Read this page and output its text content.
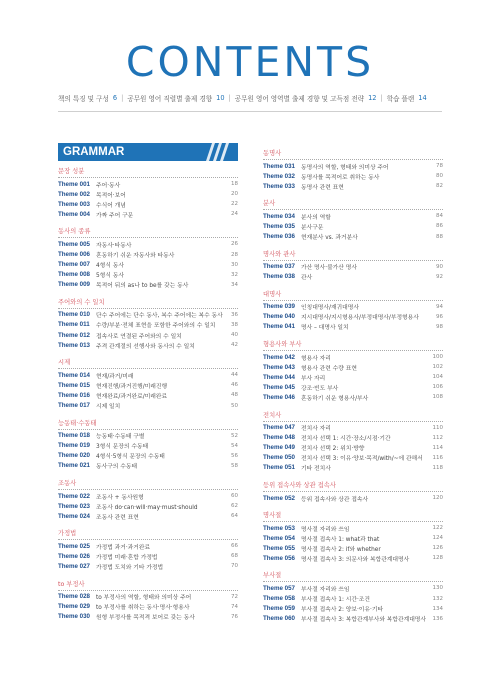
CONTENTS
책의 특징 및 구성 6 | 공무원 영어 직렬별 출제 경향 10 | 공무원 영어 영역별 출제 경향 및 고득점 전략 12 | 학습 플랜 14
GRAMMAR
문장 성분
Theme 001	주어·동사	18
Theme 002	목적어·보어	20
Theme 003	수식어 개념	22
Theme 004	가짜 주어 구문	24
동사의 종류
Theme 005	자동사·타동사	26
Theme 006	혼동하기 쉬운 자동사와 타동사	28
Theme 007	4형식 동사	30
Theme 008	5형식 동사	32
Theme 009	목적어 뒤의 as나 to be를 갖는 동사	34
주어와의 수 일치
Theme 010	단수 주어에는 단수 동사, 복수 주어에는 복수 동사	36
Theme 011	수량/부분·전체 표현을 포함한 주어와의 수 일치	38
Theme 012	접속사로 연결된 주어와의 수 일치	40
Theme 013	주격 관계절의 선행사와 동사의 수 일치	42
시제
Theme 014	현재/과거/미래	44
Theme 015	현재진행/과거진행/미래진행	46
Theme 016	현재완료/과거완료/미래완료	48
Theme 017	시제 일치	50
능동태·수동태
Theme 018	능동태·수동태 구별	52
Theme 019	3형식 문장의 수동태	54
Theme 020	4형식·5형식 문장의 수동태	56
Theme 021	동사구의 수동태	58
조동사
Theme 022	조동사 + 동사원형	60
Theme 023	조동사 do·can·will·may·must·should	62
Theme 024	조동사 관련 표현	64
가정법
Theme 025	가정법 과거·과거완료	66
Theme 026	가정법 미래·혼합 가정법	68
Theme 027	가정법 도치와 기타 가정법	70
to 부정사
Theme 028	to 부정사의 역할, 형태와 의미상 주어	72
Theme 029	to 부정사를 취하는 동사·명사·형용사	74
Theme 030	원형 부정사를 목적격 보어로 갖는 동사	76
동명사
Theme 031	동명사의 역할, 형태와 의미상 주어	78
Theme 032	동명사를 목적어로 취하는 동사	80
Theme 033	동명사 관련 표현	82
분사
Theme 034	분사의 역할	84
Theme 035	분사구문	86
Theme 036	현재분사 vs. 과거분사	88
명사와 관사
Theme 037	가산 명사·불가산 명사	90
Theme 038	관사	92
대명사
Theme 039	인칭대명사/재귀대명사	94
Theme 040	지시대명사/지시형용사/부정대명사/부정형용사	96
Theme 041	명사 – 대명사 일치	98
형용사와 부사
Theme 042	형용사 자리	100
Theme 043	형용사 관련 수량 표현	102
Theme 044	부사 자리	104
Theme 045	강조·빈도 부사	106
Theme 046	혼동하기 쉬운 형용사/부사	108
전치사
Theme 047	전치사 자리	110
Theme 048	전치사 선택 1: 시간·장소/시점·기간	112
Theme 049	전치사 선택 2: 위치·방향	114
Theme 050	전치사 선택 3: 이유·양보·목적/with/~에 관해서	116
Theme 051	기타 전치사	118
등위 접속사와 상관 접속사
Theme 052	등위 접속사와 상관 접속사	120
명사절
Theme 053	명사절 자리와 쓰임	122
Theme 054	명사절 접속사 1: what과 that	124
Theme 055	명사절 접속사 2: if와 whether	126
Theme 056	명사절 접속사 3: 의문사와 복합관계대명사	128
부사절
Theme 057	부사절 자리와 쓰임	130
Theme 058	부사절 접속사 1: 시간·조건	132
Theme 059	부사절 접속사 2: 양보·이유·기타	134
Theme 060	부사절 접속사 3: 복합관계부사와 복합관계대명사	136
